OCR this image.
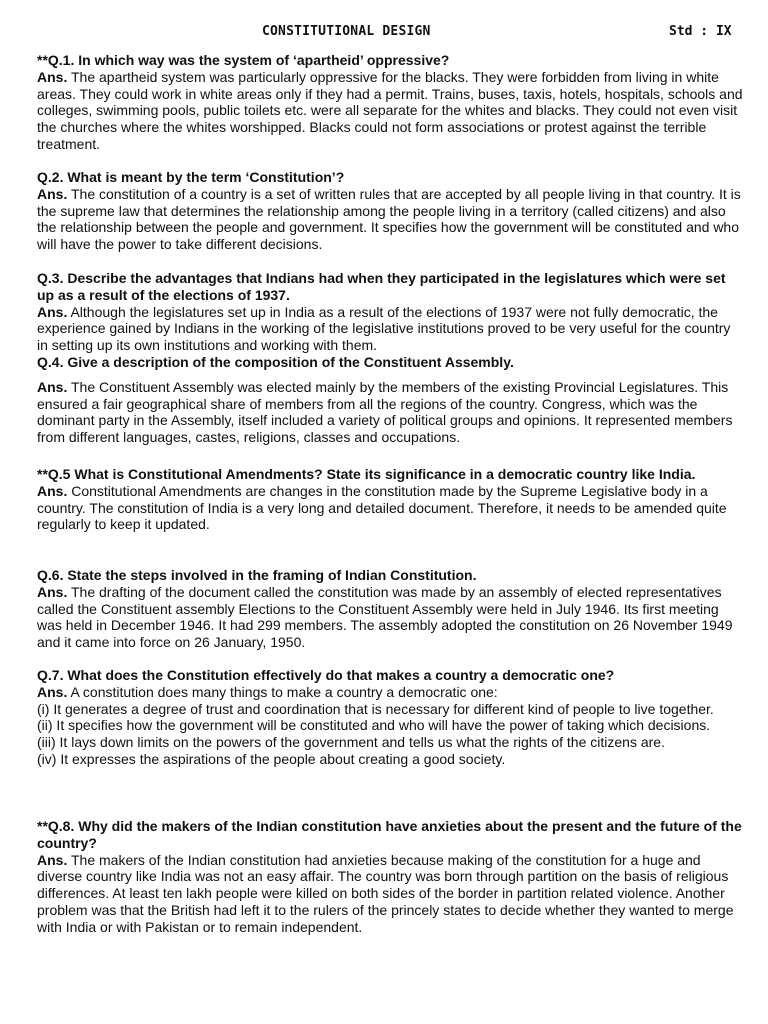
CONSTITUTIONAL DESIGN	Std : IX
**Q.1. In which way was the system of ‘apartheid’ oppressive?
Ans. The apartheid system was particularly oppressive for the blacks. They were forbidden from living in white areas. They could work in white areas only if they had a permit. Trains, buses, taxis, hotels, hospitals, schools and colleges, swimming pools, public toilets etc. were all separate for the whites and blacks. They could not even visit the churches where the whites worshipped. Blacks could not form associations or protest against the terrible treatment.
Q.2. What is meant by the term ‘Constitution’?
Ans. The constitution of a country is a set of written rules that are accepted by all people living in that country. It is the supreme law that determines the relationship among the people living in a territory (called citizens) and also the relationship between the people and government. It specifies how the government will be constituted and who will have the power to take different decisions.
Q.3. Describe the advantages that Indians had when they participated in the legislatures which were set up as a result of the elections of 1937.
Ans. Although the legislatures set up in India as a result of the elections of 1937 were not fully democratic, the experience gained by Indians in the working of the legislative institutions proved to be very useful for the country in setting up its own institutions and working with them.
Q.4. Give a description of the composition of the Constituent Assembly.
Ans. The Constituent Assembly was elected mainly by the members of the existing Provincial Legislatures. This ensured a fair geographical share of members from all the regions of the country. Congress, which was the dominant party in the Assembly, itself included a variety of political groups and opinions. It represented members from different languages, castes, religions, classes and occupations.
**Q.5 What is Constitutional Amendments? State its significance in a democratic country like India.
Ans. Constitutional Amendments are changes in the constitution made by the Supreme Legislative body in a country. The constitution of India is a very long and detailed document. Therefore, it needs to be amended quite regularly to keep it updated.
Q.6. State the steps involved in the framing of Indian Constitution.
Ans. The drafting of the document called the constitution was made by an assembly of elected representatives called the Constituent assembly Elections to the Constituent Assembly were held in July 1946. Its first meeting was held in December 1946. It had 299 members. The assembly adopted the constitution on 26 November 1949 and it came into force on 26 January, 1950.
Q.7. What does the Constitution effectively do that makes a country a democratic one?
Ans. A constitution does many things to make a country a democratic one:
(i) It generates a degree of trust and coordination that is necessary for different kind of people to live together.
(ii) It specifies how the government will be constituted and who will have the power of taking which decisions.
(iii) It lays down limits on the powers of the government and tells us what the rights of the citizens are.
(iv) It expresses the aspirations of the people about creating a good society.
**Q.8. Why did the makers of the Indian constitution have anxieties about the present and the future of the country?
Ans. The makers of the Indian constitution had anxieties because making of the constitution for a huge and diverse country like India was not an easy affair. The country was born through partition on the basis of religious differences. At least ten lakh people were killed on both sides of the border in partition related violence. Another problem was that the British had left it to the rulers of the princely states to decide whether they wanted to merge with India or with Pakistan or to remain independent.
